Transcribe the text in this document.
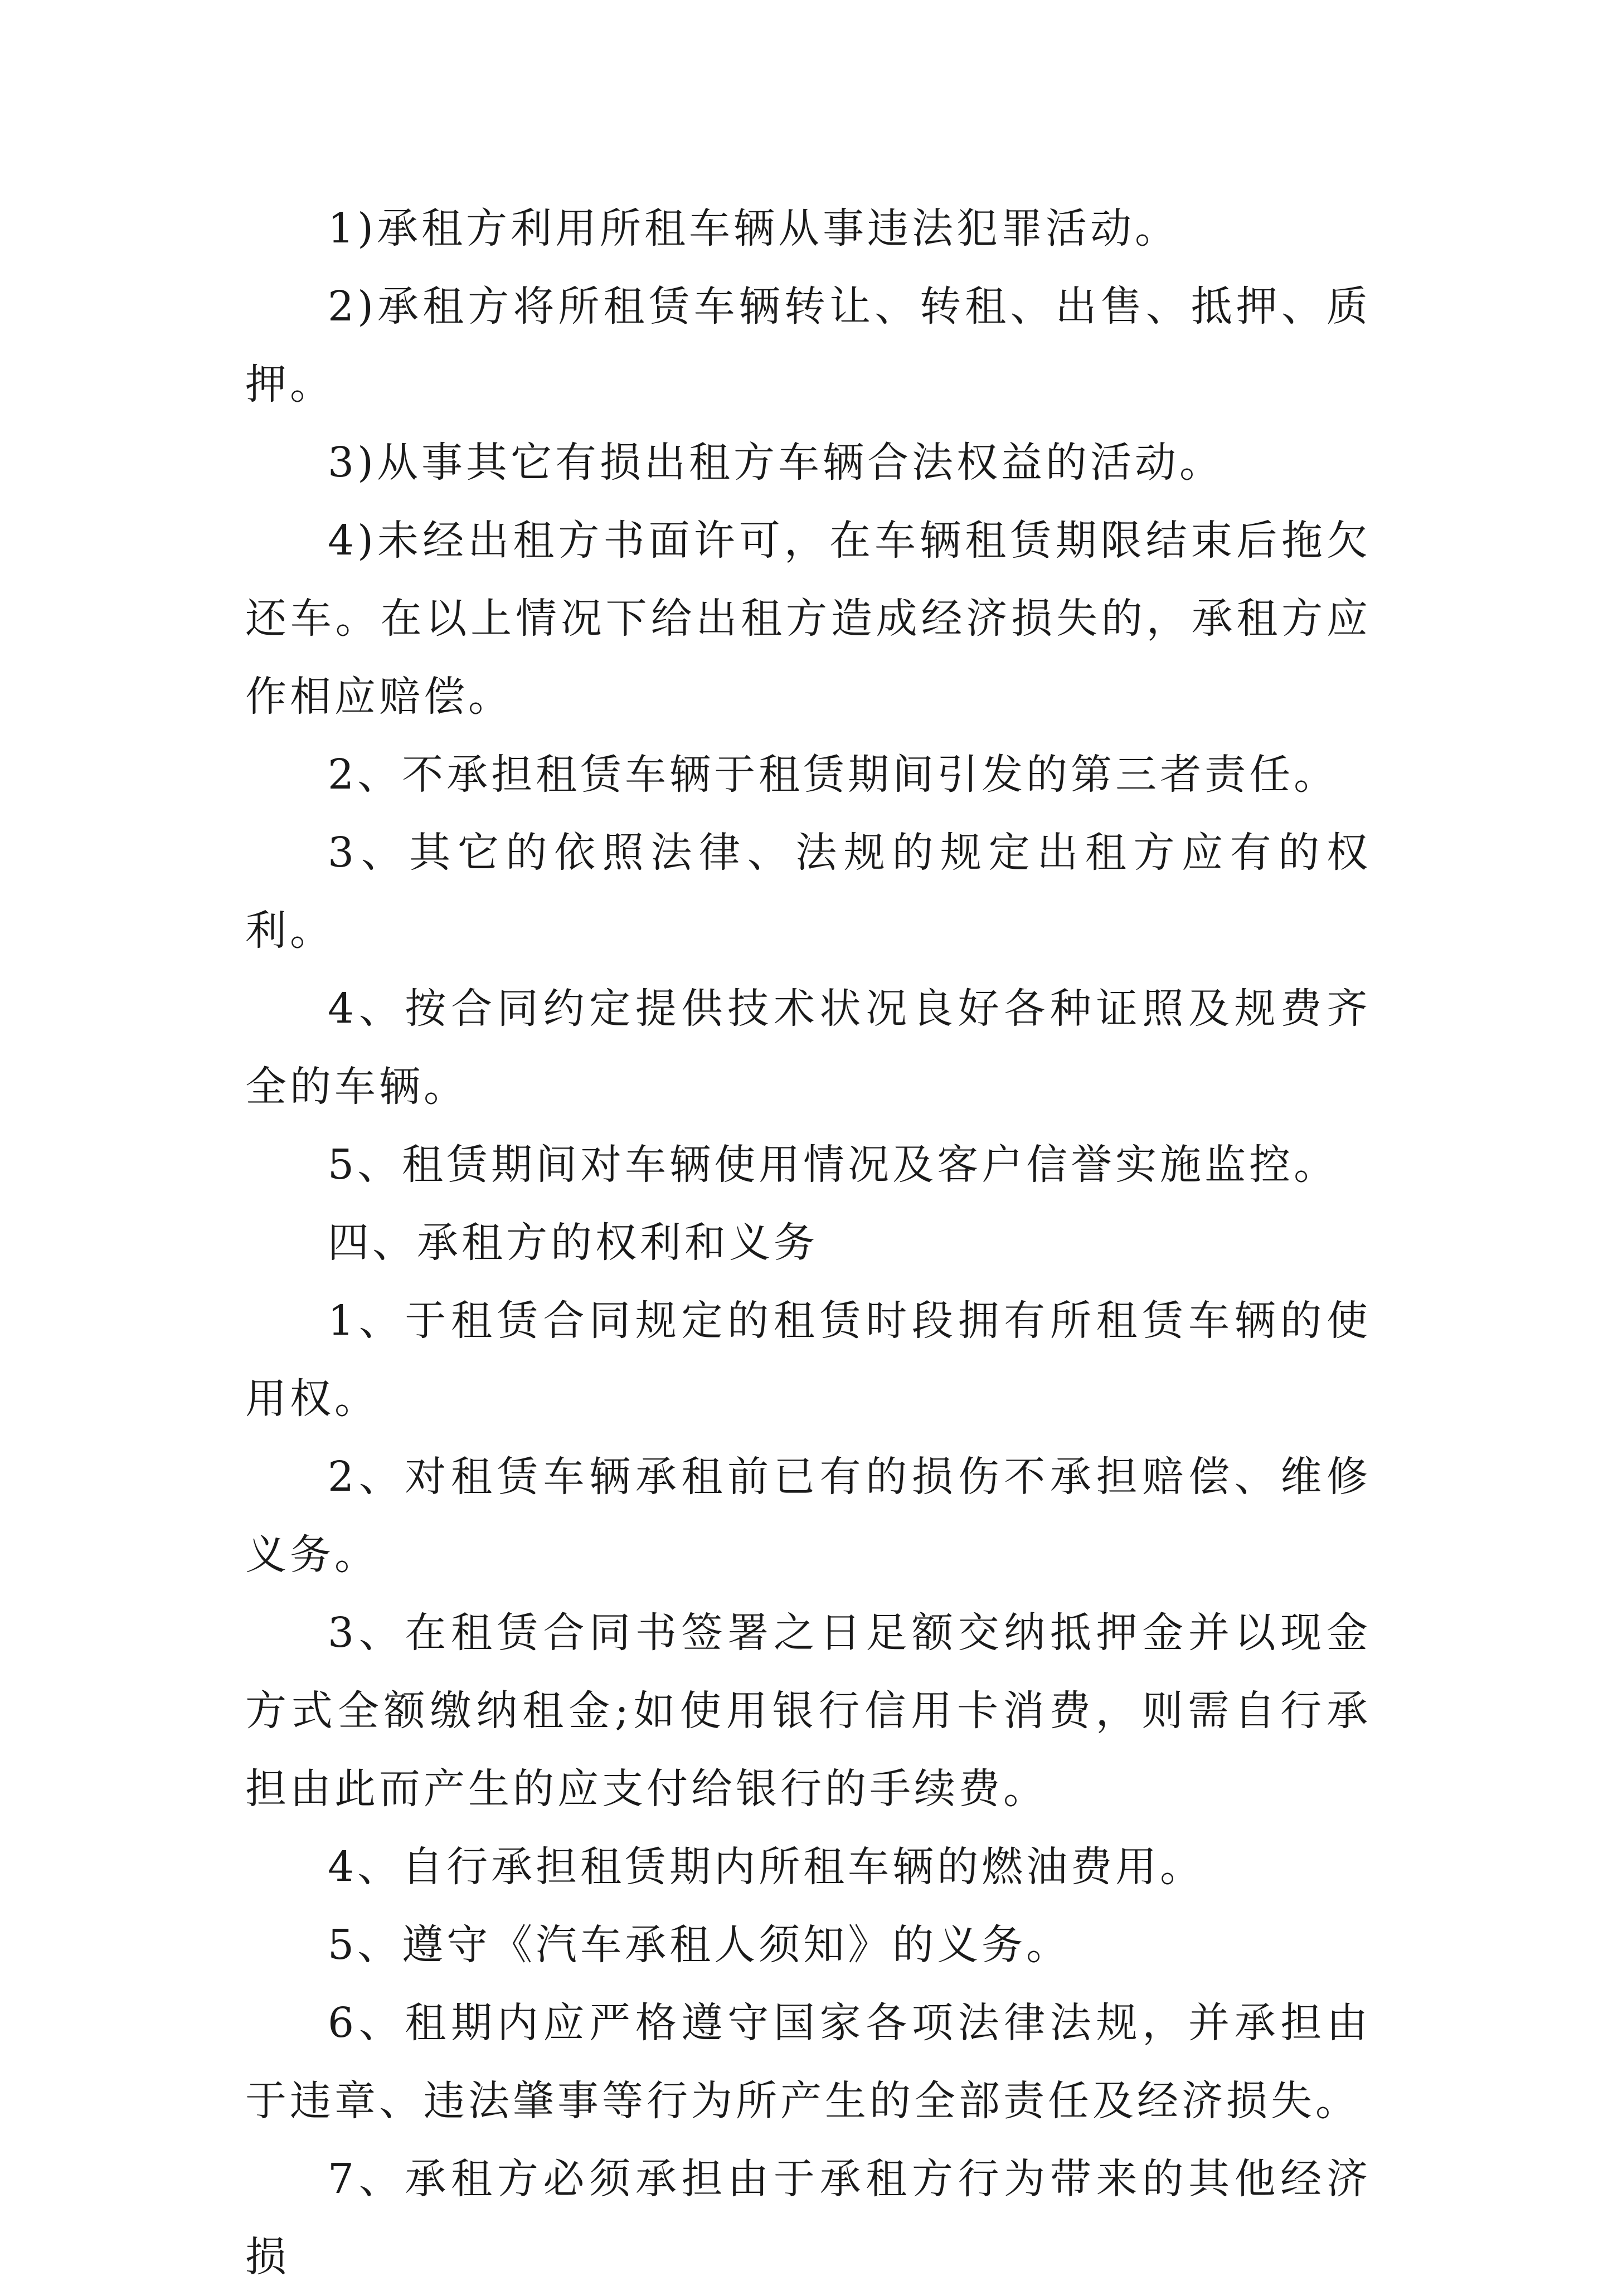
1)承租方利用所租车辆从事违法犯罪活动。

2)承租方将所租赁车辆转让、转租、出售、抵押、质押。

3)从事其它有损出租方车辆合法权益的活动。

4)未经出租方书面许可，在车辆租赁期限结束后拖欠还车。在以上情况下给出租方造成经济损失的，承租方应作相应赔偿。

2、不承担租赁车辆于租赁期间引发的第三者责任。

3、其它的依照法律、法规的规定出租方应有的权利。

4、按合同约定提供技术状况良好各种证照及规费齐全的车辆。

5、租赁期间对车辆使用情况及客户信誉实施监控。

四、承租方的权利和义务

1、于租赁合同规定的租赁时段拥有所租赁车辆的使用权。

2、对租赁车辆承租前已有的损伤不承担赔偿、维修义务。

3、在租赁合同书签署之日足额交纳抵押金并以现金方式全额缴纳租金;如使用银行信用卡消费，则需自行承担由此而产生的应支付给银行的手续费。

4、自行承担租赁期内所租车辆的燃油费用。

5、遵守《汽车承租人须知》的义务。

6、租期内应严格遵守国家各项法律法规，并承担由于违章、违法肇事等行为所产生的全部责任及经济损失。

7、承租方必须承担由于承租方行为带来的其他经济损
